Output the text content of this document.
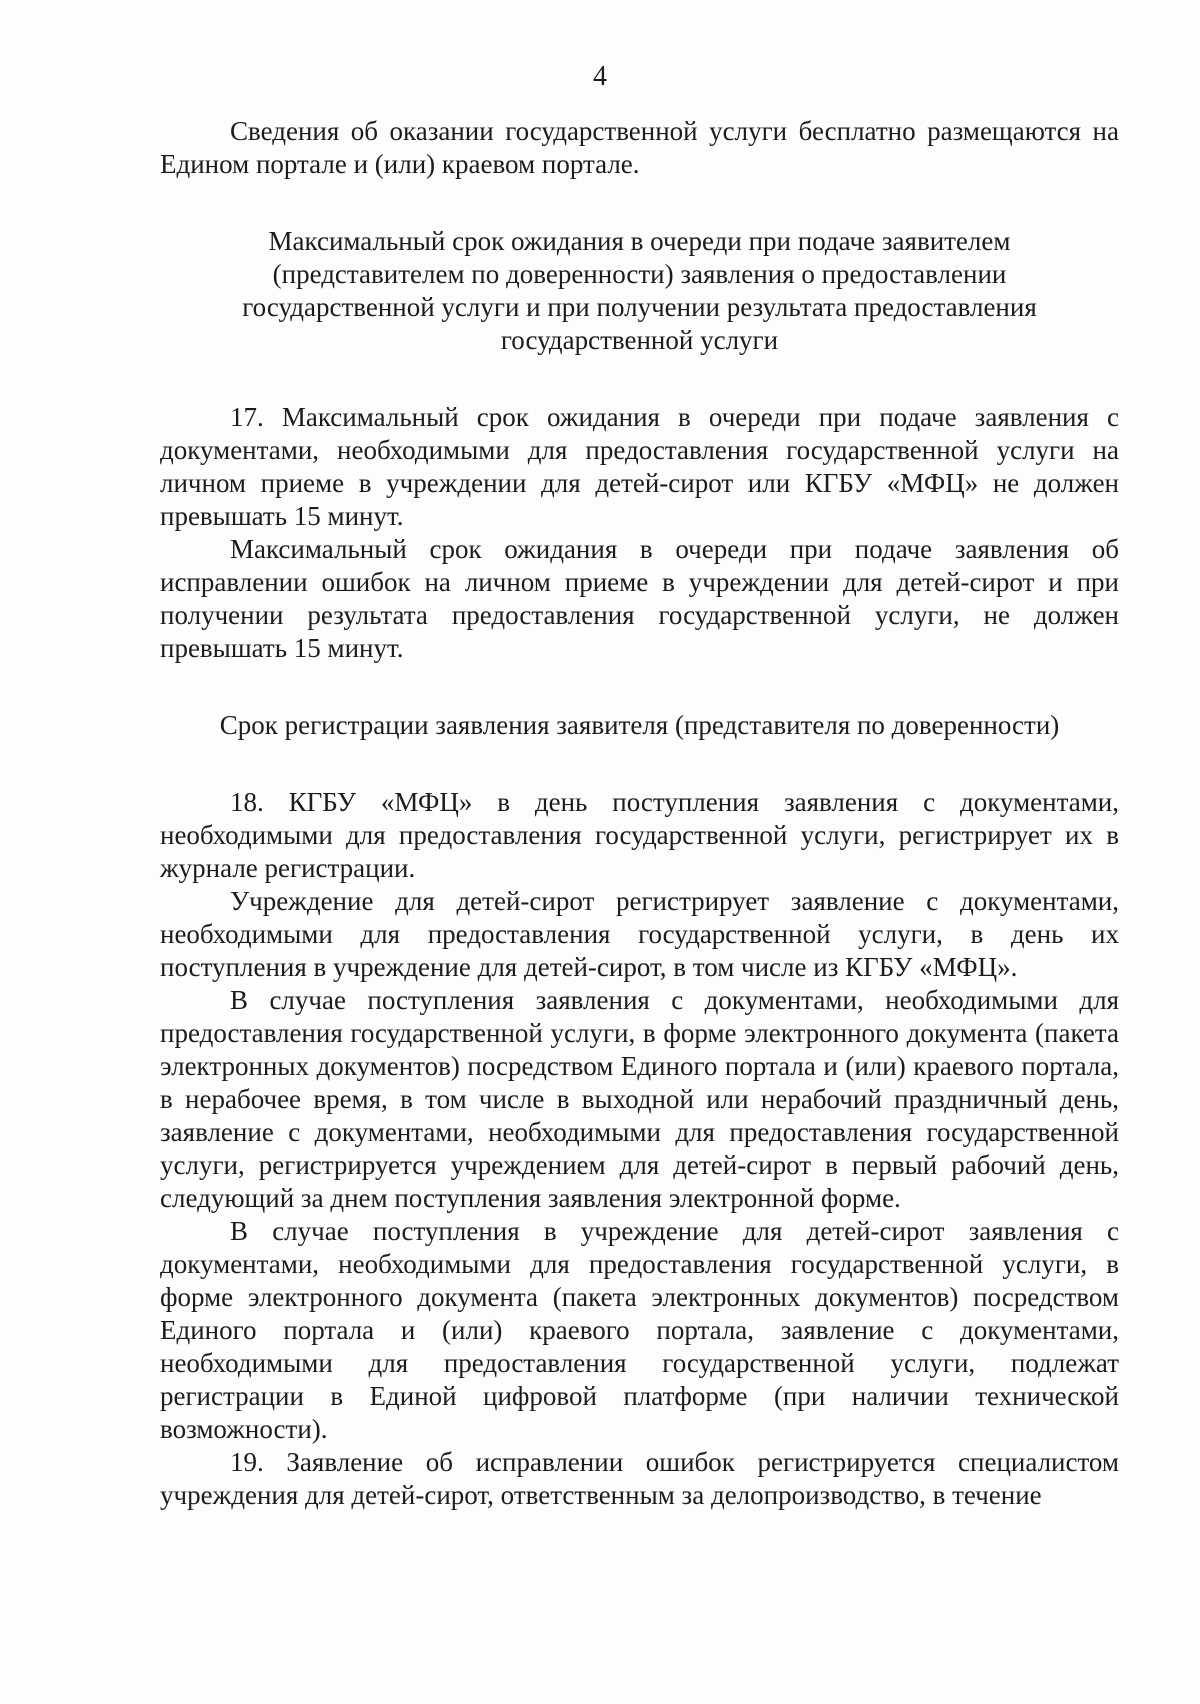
4

Сведения об оказании государственной услуги бесплатно размещаются на Едином портале и (или) краевом портале.

Максимальный срок ожидания в очереди при подаче заявителем (представителем по доверенности) заявления о предоставлении государственной услуги и при получении результата предоставления государственной услуги

17. Максимальный срок ожидания в очереди при подаче заявления с документами, необходимыми для предоставления государственной услуги на личном приеме в учреждении для детей-сирот или КГБУ «МФЦ» не должен превышать 15 минут.

Максимальный срок ожидания в очереди при подаче заявления об исправлении ошибок на личном приеме в учреждении для детей-сирот и при получении результата предоставления государственной услуги, не должен превышать 15 минут.

Срок регистрации заявления заявителя (представителя по доверенности)

18. КГБУ «МФЦ» в день поступления заявления с документами, необходимыми для предоставления государственной услуги, регистрирует их в журнале регистрации.

Учреждение для детей-сирот регистрирует заявление с документами, необходимыми для предоставления государственной услуги, в день их поступления в учреждение для детей-сирот, в том числе из КГБУ «МФЦ».

В случае поступления заявления с документами, необходимыми для предоставления государственной услуги, в форме электронного документа (пакета электронных документов) посредством Единого портала и (или) краевого портала, в нерабочее время, в том числе в выходной или нерабочий праздничный день, заявление с документами, необходимыми для предоставления государственной услуги, регистрируется учреждением для детей-сирот в первый рабочий день, следующий за днем поступления заявления электронной форме.

В случае поступления в учреждение для детей-сирот заявления с документами, необходимыми для предоставления государственной услуги, в форме электронного документа (пакета электронных документов) посредством Единого портала и (или) краевого портала, заявление с документами, необходимыми для предоставления государственной услуги, подлежат регистрации в Единой цифровой платформе (при наличии технической возможности).

19. Заявление об исправлении ошибок регистрируется специалистом учреждения для детей-сирот, ответственным за делопроизводство, в течение
